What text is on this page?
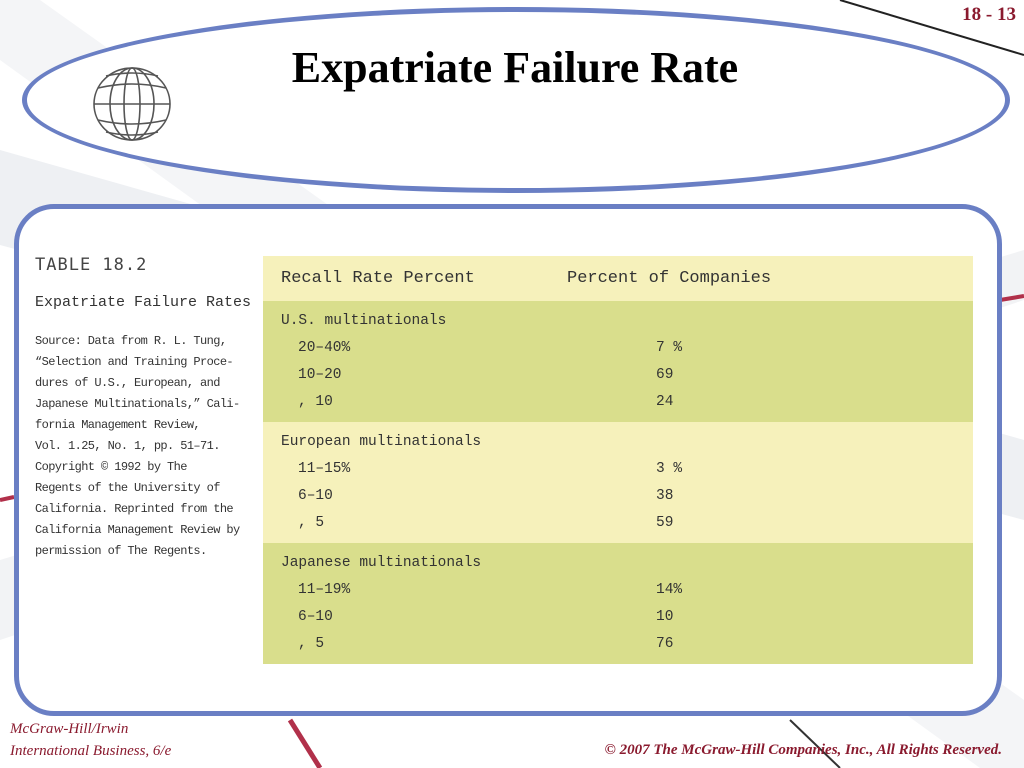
18 - 13
Expatriate Failure Rate
TABLE 18.2
Expatriate Failure Rates
Source: Data from R. L. Tung,
“Selection and Training Proce-
dures of U.S., European, and
Japanese Multinationals,” Cali-
fornia Management Review,
Vol. 1.25, No. 1, pp. 51–71.
Copyright © 1992 by The
Regents of the University of
California. Reprinted from the
California Management Review by
permission of The Regents.
Recall Rate Percent	Percent of Companies
U.S. multinationals
20–40%	7 %
10–20	69
, 10	24
European multinationals
11–15%	3 %
6–10	38
, 5	59
Japanese multinationals
11–19%	14%
6–10	10
, 5	76
McGraw-Hill/Irwin
International Business, 6/e	© 2007 The McGraw-Hill Companies, Inc., All Rights Reserved.
